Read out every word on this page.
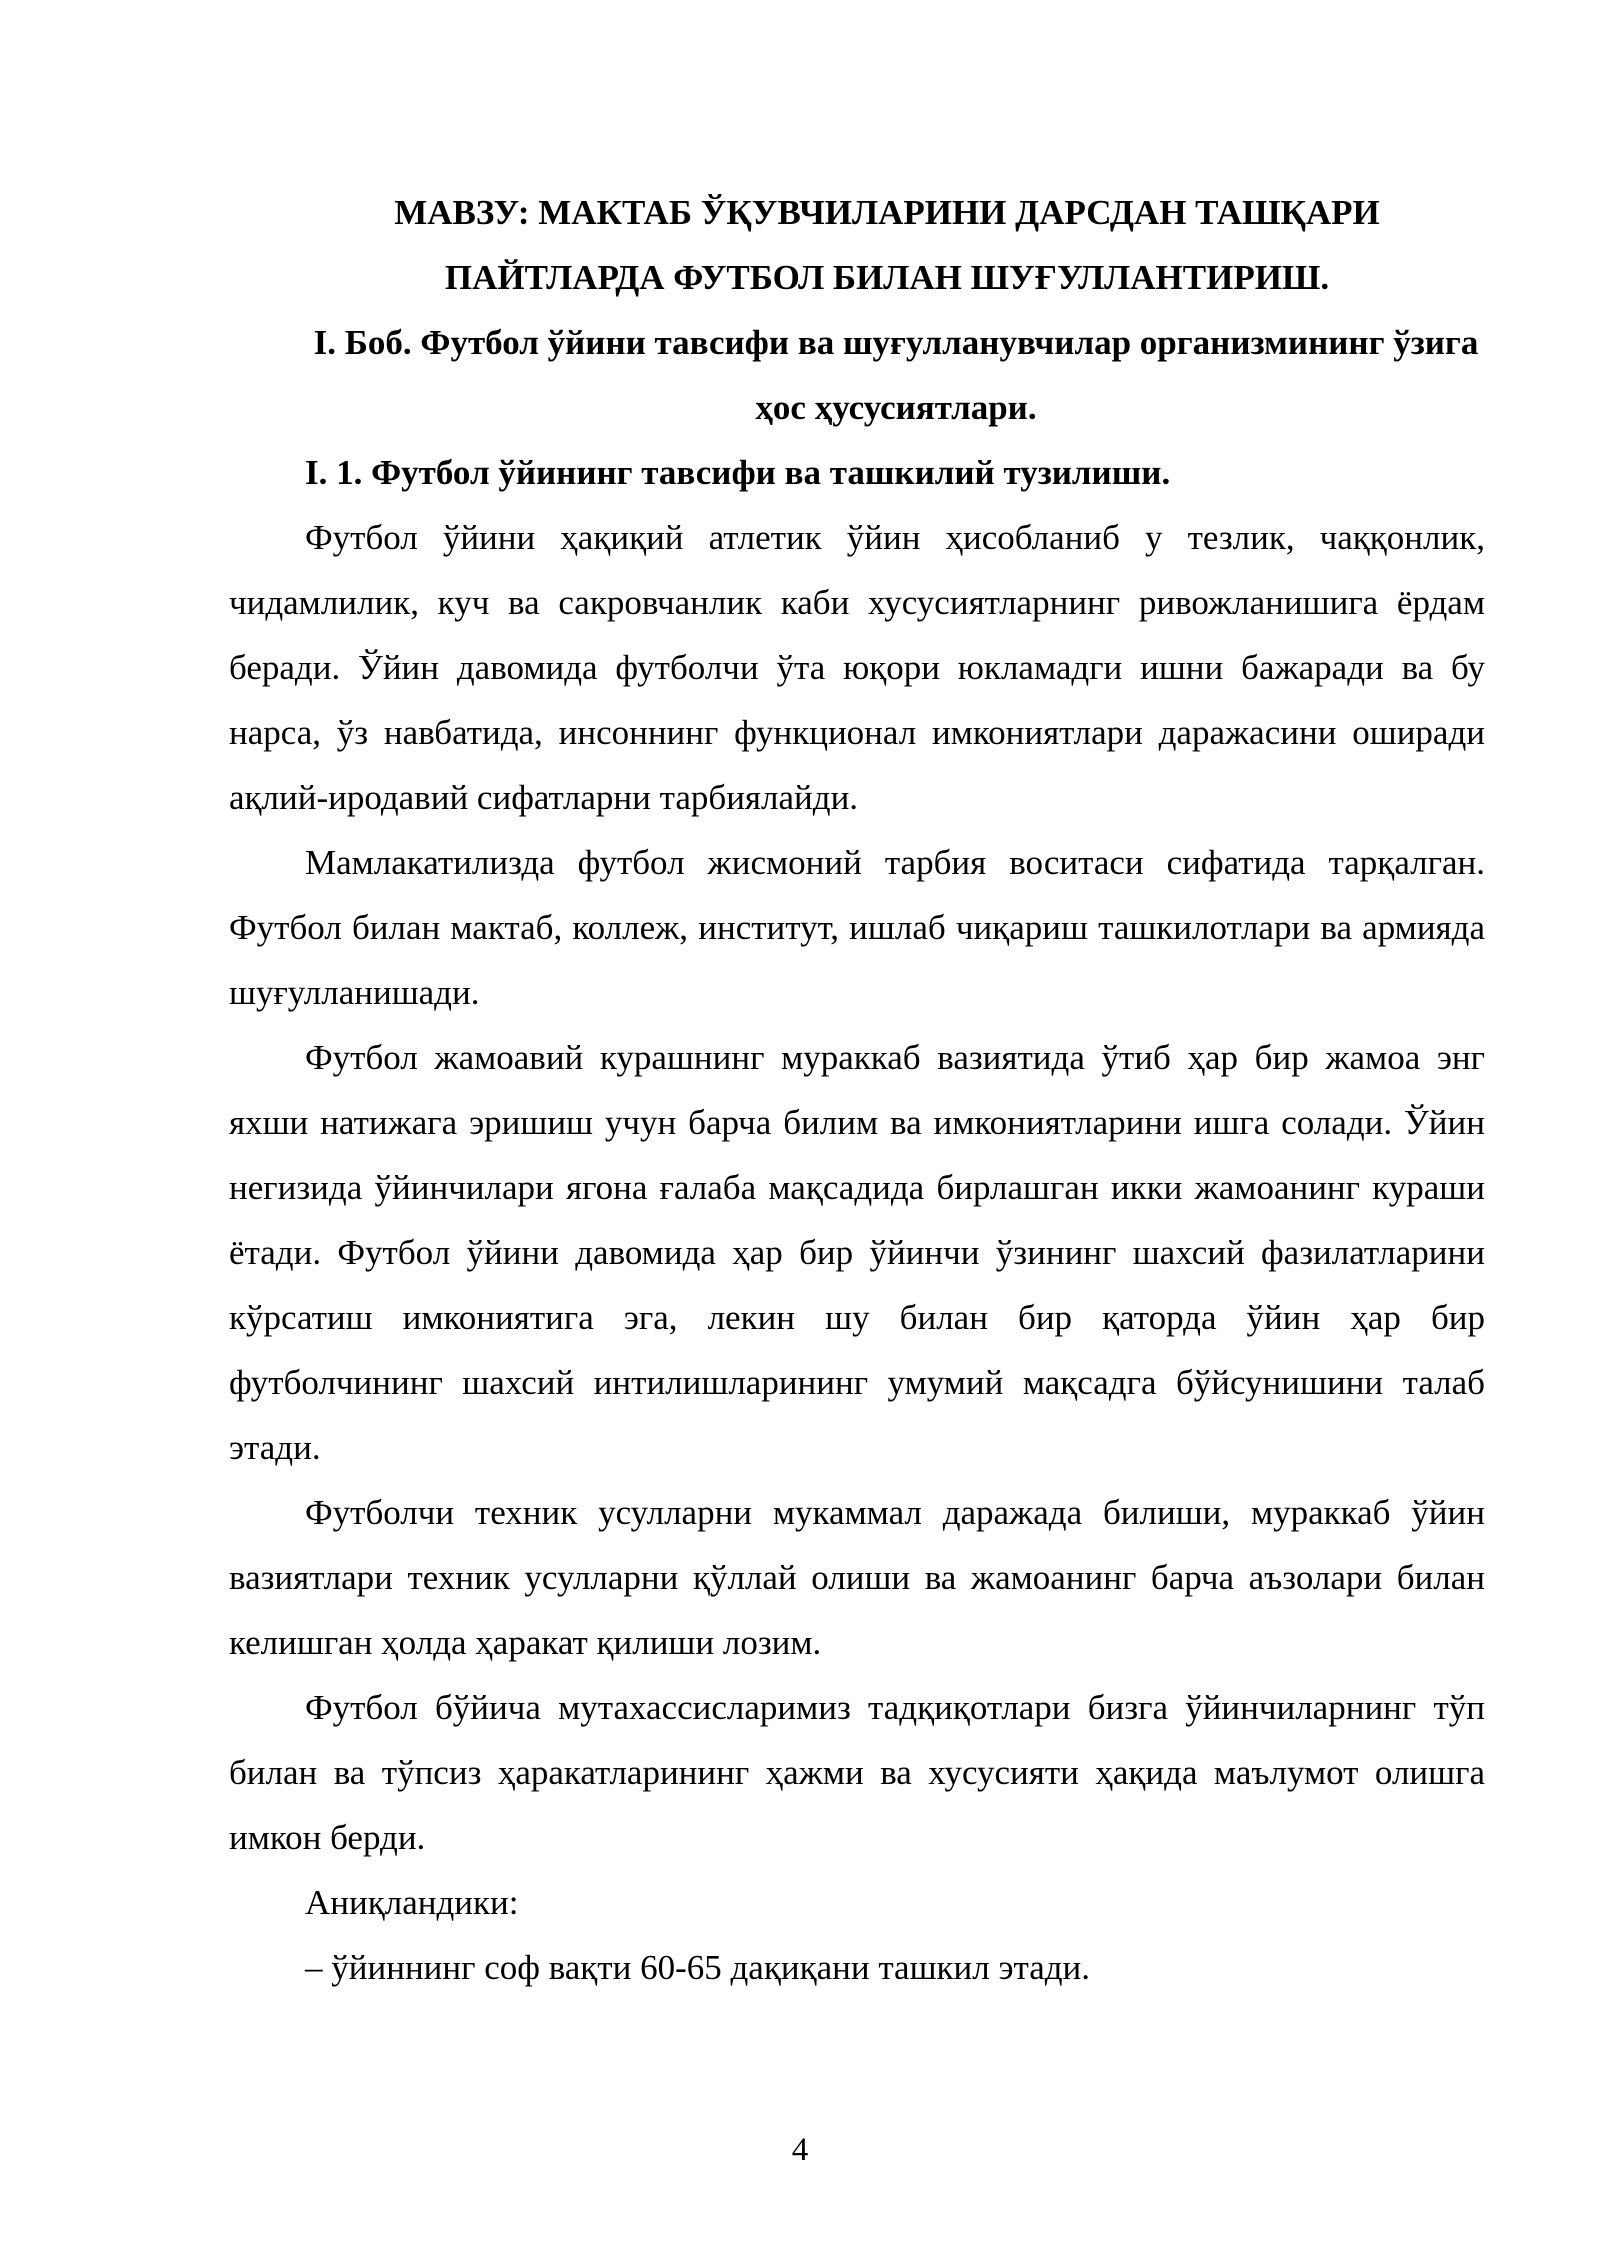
МАВЗУ: МАКТАБ ЎҚУВЧИЛАРИНИ ДАРСДАН ТАШҚАРИ ПАЙТЛАРДА ФУТБОЛ БИЛАН ШУҒУЛЛАНТИРИШ.

I. Боб. Футбол ўйини тавсифи ва шуғулланувчилар организмининг ўзига ҳос ҳусусиятлари.

I. 1. Футбол ўйининг тавсифи ва ташкилий тузилиши.

Футбол ўйини ҳақиқий атлетик ўйин ҳисобланиб у тезлик, чаққонлик, чидамлилик, куч ва сакровчанлик каби хусусиятларнинг ривожланишига ёрдам беради. Ўйин давомида футболчи ўта юқори юкламадги ишни бажаради ва бу нарса, ўз навбатида, инсоннинг функционал имкониятлари даражасини оширади ақлий-иродавий сифатларни тарбиялайди.

Мамлакатилизда футбол жисмоний тарбия воситаси сифатида тарқалган. Футбол билан мактаб, коллеж, институт, ишлаб чиқариш ташкилотлари ва армияда шуғулланишади.

Футбол жамоавий курашнинг мураккаб вазиятида ўтиб ҳар бир жамоа энг яхши натижага эришиш учун барча билим ва имкониятларини ишга солади. Ўйин негизида ўйинчилари ягона ғалаба мақсадида бирлашган икки жамоанинг кураши ётади. Футбол ўйини давомида ҳар бир ўйинчи ўзининг шахсий фазилатларини кўрсатиш имкониятига эга, лекин шу билан бир қаторда ўйин ҳар бир футболчининг шахсий интилишларининг умумий мақсадга бўйсунишини талаб этади.

Футболчи техник усулларни мукаммал даражада билиши, мураккаб ўйин вазиятлари техник усулларни қўллай олиши ва жамоанинг барча аъзолари билан келишган ҳолда ҳаракат қилиши лозим.

Футбол бўйича мутахассисларимиз тадқиқотлари бизга ўйинчиларнинг тўп билан ва тўпсиз ҳаракатларининг ҳажми ва хусусияти ҳақида маълумот олишга имкон берди.

Аниқландики:

– ўйиннинг соф вақти 60-65 дақиқани ташкил этади.

4
